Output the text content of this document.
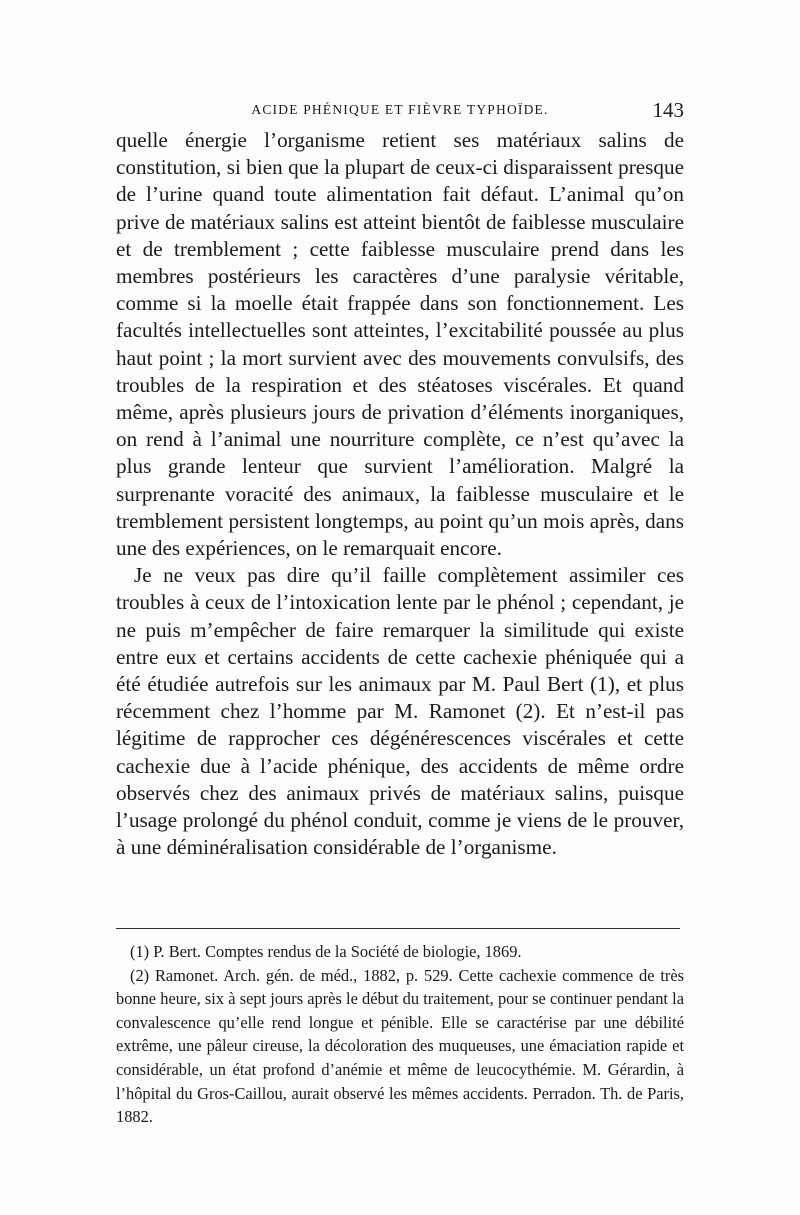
ACIDE PHÉNIQUE ET FIÈVRE TYPHOÏDE.	143

quelle énergie l’organisme retient ses matériaux salins de constitution, si bien que la plupart de ceux-ci disparaissent presque de l’urine quand toute alimentation fait défaut. L’animal qu’on prive de matériaux salins est atteint bientôt de faiblesse musculaire et de tremblement ; cette faiblesse musculaire prend dans les membres postérieurs les caractères d’une paralysie véritable, comme si la moelle était frappée dans son fonctionnement. Les facultés intellectuelles sont atteintes, l’excitabilité poussée au plus haut point ; la mort survient avec des mouvements convulsifs, des troubles de la respiration et des stéatoses viscérales. Et quand même, après plusieurs jours de privation d’éléments inorganiques, on rend à l’animal une nourriture complète, ce n’est qu’avec la plus grande lenteur que survient l’amélioration. Malgré la surprenante voracité des animaux, la faiblesse musculaire et le tremblement persistent longtemps, au point qu’un mois après, dans une des expériences, on le remarquait encore.

Je ne veux pas dire qu’il faille complètement assimiler ces troubles à ceux de l’intoxication lente par le phénol ; cependant, je ne puis m’empêcher de faire remarquer la similitude qui existe entre eux et certains accidents de cette cachexie phéniquée qui a été étudiée autrefois sur les animaux par M. Paul Bert (1), et plus récemment chez l’homme par M. Ramonet (2). Et n’est-il pas légitime de rapprocher ces dégénérescences viscérales et cette cachexie due à l’acide phénique, des accidents de même ordre observés chez des animaux privés de matériaux salins, puisque l’usage prolongé du phénol conduit, comme je viens de le prouver, à une déminéralisation considérable de l’organisme.

(1) P. Bert. Comptes rendus de la Société de biologie, 1869.

(2) Ramonet. Arch. gén. de méd., 1882, p. 529. Cette cachexie commence de très bonne heure, six à sept jours après le début du traitement, pour se continuer pendant la convalescence qu’elle rend longue et pénible. Elle se caractérise par une débilité extrême, une pâleur cireuse, la décoloration des muqueuses, une émaciation rapide et considérable, un état profond d’anémie et même de leucocythémie. M. Gérardin, à l’hôpital du Gros-Caillou, aurait observé les mêmes accidents. Perradon. Th. de Paris, 1882.
